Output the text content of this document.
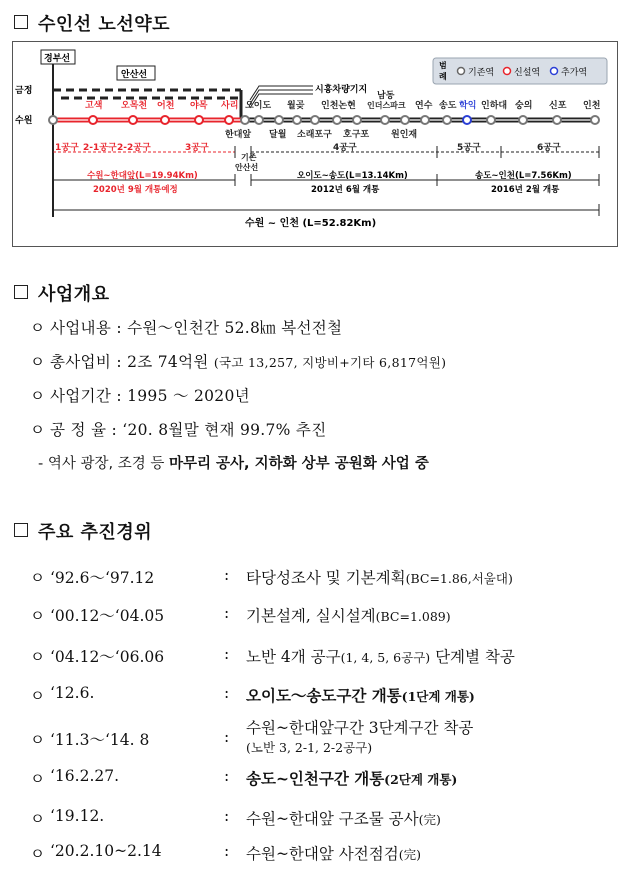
수인선 노선약도
경부선
금정
수원
안산선
시흥차량기지
범
례 기존역 신설역 추가역
고색 오목천 어천 야목 사리 오이도 월곶 인천논현
남동
인더스파크 연수 송도 학익 인하대 숭의 신포 인천
한대앞 달월 소래포구 호구포 원인재
1공구 2-1공구 2-2공구	3공구
기존
안산선
4공구	5공구	6공구
수원~한대앞(L=19.94Km)
2020년 9월 개통예정
오이도~송도(L=13.14Km)
2012년 6월 개통
송도~인천(L=7.56Km)
2016년 2월 개통
수원 ~ 인천 (L=52.82Km)
사업개요
ㅇ 사업내용 : 수원～인천간 52.8㎞ 복선전철
ㅇ 총사업비 : 2조 74억원 (국고 13,257, 지방비+기타 6,817억원)
ㅇ 사업기간 : 1995 ～ 2020년
ㅇ 공 정 율 : ‘20. 8월말 현재 99.7% 추진
- 역사 광장, 조경 등 마무리 공사, 지하화 상부 공원화 사업 중
주요 추진경위
ㅇ ‘92.6～‘97.12	: 타당성조사 및 기본계획(BC=1.86,서울대)
ㅇ ‘00.12～‘04.05	: 기본설계, 실시설계(BC=1.089)
ㅇ ‘04.12～‘06.06	: 노반 4개 공구(1, 4, 5, 6공구) 단계별 착공
ㅇ ‘12.6.	: 오이도～송도구간 개통(1단계 개통)
ㅇ ‘11.3～‘14. 8	: 수원~한대앞구간 3단계구간 착공
(노반 3, 2-1, 2-2공구)
ㅇ ‘16.2.27.	: 송도~인천구간 개통(2단계 개통)
ㅇ ‘19.12.	: 수원~한대앞 구조물 공사(完)
ㅇ ‘20.2.10~2.14	: 수원~한대앞 사전점검(完)
